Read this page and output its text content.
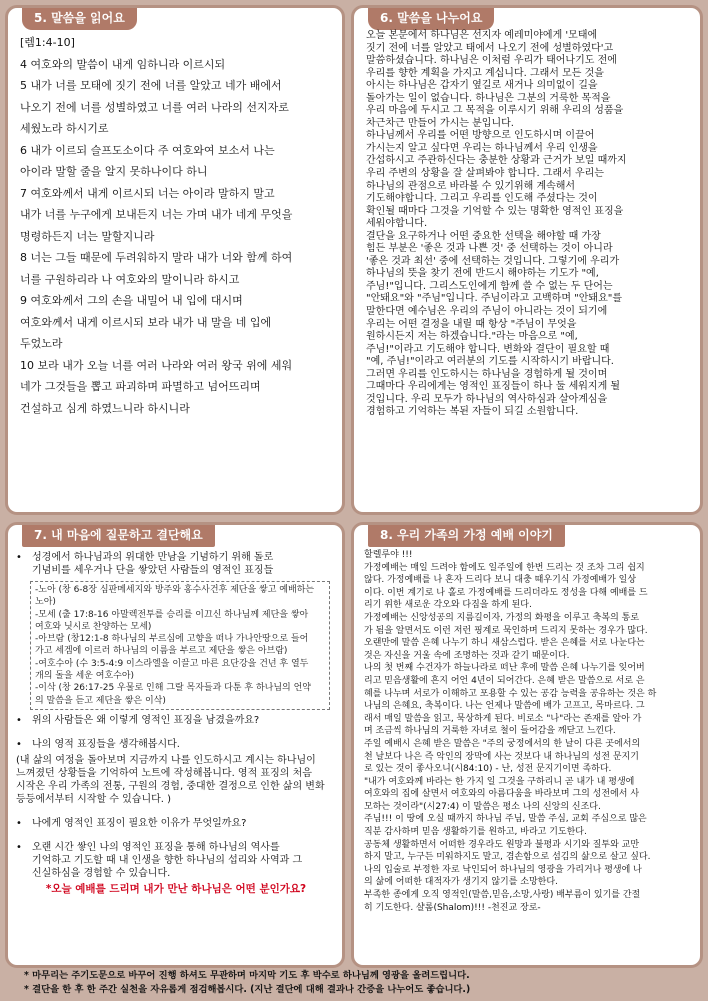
5. 말씀을 읽어요
[렘1:4-10]
4 여호와의 말씀이 내게 임하니라 이르시되
5 내가 너를 모태에 짓기 전에 너를 알았고 네가 배에서
나오기 전에 너를 성별하였고 너를 여러 나라의 선지자로
세웠노라 하시기로
6 내가 이르되 슬프도소이다 주 여호와여 보소서 나는
아이라 말할 줄을 알지 못하나이다 하니
7 여호와께서 내게 이르시되 너는 아이라 말하지 말고
내가 너를 누구에게 보내든지 너는 가며 내가 네게 무엇을
명령하든지 너는 말할지니라
8 너는 그들 때문에 두려워하지 말라 내가 너와 함께 하여
너를 구원하리라 나 여호와의 말이니라 하시고
9 여호와께서 그의 손을 내밀어 내 입에 대시며
여호와께서 내게 이르시되 보라 내가 내 말을 네 입에
두었노라
10 보라 내가 오늘 너를 여러 나라와 여러 왕국 위에 세워
네가 그것들을 뽑고 파괴하며 파멸하고 넘어뜨리며
건설하고 심게 하였느니라 하시니라
6. 말씀을 나누어요

오늘 본문에서 하나님은 선지자 예레미야에게 '모태에
짓기 전에 너를 알았고 태에서 나오기 전에 성별하였다'고
말씀하셨습니다. 하나님은 이처럼 우리가 태어나기도 전에
우리를 향한 계획을 가지고 계십니다. 그래서 모든 것을
아시는 하나님은 갑자기 옆길로 새거나 의미없이 길을
돌아가는 일이 없습니다. 하나님은 그분의 거룩한 목적을
우리 마음에 두시고 그 목적을 이루시기 위해 우리의 성품을
차근차근 만들어 가시는 분입니다.

하나님께서 우리를 어떤 방향으로 인도하시며 이끌어
가시는지 알고 싶다면 우리는 하나님께서 우리 인생을
간섭하시고 주관하신다는 충분한 상황과 근거가 보일 때까지
우리 주변의 상황을 잘 살펴봐야 합니다. 그래서 우리는
하나님의 관점으로 바라볼 수 있기위해 계속해서
기도해야합니다. 그리고 우리를 인도해 주셨다는 것이
확인될 때마다 그것을 기억할 수 있는 명확한 영적인 표징을
세워야합니다.

결단을 요구하거나 어떤 중요한 선택을 해야할 때 가장
힘든 부분은 '좋은 것과 나쁜 것' 중 선택하는 것이 아니라
'좋은 것과 최선' 중에 선택하는 것입니다. 그렇기에 우리가
하나님의 뜻을 찾기 전에 반드시 해야하는 기도가 "예,
주님!"입니다. 그리스도인에게 함께 쓸 수 없는 두 단어는
"안돼요"와 "주님"입니다. 주님이라고 고백하며 "안돼요"를
말한다면 예수님은 우리의 주님이 아니라는 것이 되기에
우리는 어떤 결정을 내릴 때 항상 "주님이 무엇을
원하시든지 저는 하겠습니다."라는 마음으로 "예,
주님!"이라고 기도해야 합니다. 변화와 결단이 필요할 때
"예, 주님!"이라고 여러분의 기도를 시작하시기 바랍니다.

그러면 우리를 인도하시는 하나님을 경험하게 될 것이며
그때마다 우리에게는 영적인 표징들이 하나 둘 세워지게 될
것입니다. 우리 모두가 하나님의 역사하심과 살아계심을
경험하고 기억하는 복된 자들이 되길 소원합니다.

7. 내 마음에 질문하고 결단해요
• 성경에서 하나님과의 위대한 만남을 기념하기 위해 돌로
기념비를 세우거나 단을 쌓았던 사람들의 영적인 표징들
-노아 (창 6-8장 심판메세지와 방주와 홍수사건후 제단을 쌓고 예배하는 노아)
-모세 (출 17:8-16 아말렉전투를 승리를 이끄신 하나님께 제단을 쌓아
여호와 닛시로 찬양하는 모세)
-아브람 (창12:1-8 하나님의 부르심에 고향을 떠나 가나안땅으로 들어
가고 세겜에 이르러 하나님의 이름을 부르고 제단을 쌓은 아브람)
-여호수아 (수 3:5-4:9 이스라엘을 이끌고 마른 요단강을 건넌 후 열두
개의 돌을 세운 여호수아)
-이삭 (창 26:17-25 우물로 인해 그랄 목자들과 다툰 후 하나님의 언약
의 말씀을 듣고 제단을 쌓은 이삭)
• 위의 사람들은 왜 이렇게 영적인 표징을 남겼을까요?
• 나의 영적 표징들을 생각해봅시다.
(내 삶의 여정을 돌아보며 지금까지 나를 인도하시고 계시는 하나님이
느껴졌던 상황들을 기억하여 노트에 작성해봅니다. 영적 표징의 처음
시작은 우리 가족의 전통, 구원의 경험, 중대한 결정으로 인한 삶의 변화
등등에서부터 시작할 수 있습니다. )
• 나에게 영적인 표징이 필요한 이유가 무엇일까요?
• 오랜 시간 쌓인 나의 영적인 표징을 통해 하나님의 역사를
기억하고 기도할 때 내 인생을 향한 하나님의 섭리와 사역과 그
신실하심을 경험할 수 있습니다.
*오늘 예배를 드리며 내가 만난 하나님은 어떤 분인가요?
8. 우리 가족의 가정 예배 이야기

할렐루야 !!!

가정예배는 매일 드려야 함에도 일주일에 한번 드리는 것 조차 그리 쉽지
않다. 가정예배를 나 혼자 드리다 보니 대충 때우기식 가정예배가 일상
이다. 이번 계기로 나 홀로 가정예배를 드리더라도 정성을 다해 예배를 드
리기 위한 새로운 각오와 다짐을 하게 된다.

가정예배는 신앙성공의 지름길이자, 가정의 화평을 이루고 축복의 통로
가 됨을 알면서도 이런 저런 핑계로 묵인하며 드리지 못하는 경우가 많다.
오랜만에 말씀 은혜 나누기 하니 새삼스럽다. 받은 은혜를 서로 나눈다는
것은 자신을 거울 속에 조명하는 것과 같기 때문이다.

나의 첫 번째 수건자가 하늘나라로 떠난 후에 말씀 은혜 나누기를 잊어버
리고 믿음생활에 흔지 어언 4년이 되어간다. 은혜 받은 말씀으로 서로 은
혜를 나누며 서로가 이해하고 포용할 수 있는 공감 능력을 공유하는 것은 하
나님의 은혜요, 축복이다. 나는 언제나 말씀에 배가 고프고, 목마르다. 그
래서 매일 말씀을 읽고, 묵상하게 된다. 비로소 "나"라는 존재를 알아 가
며 조금씩 하나님의 거룩한 자녀로 철이 들어감을 깨닫고 느낀다.

주일 예배시 은혜 받은 말씀은 "주의 궁정에서의 한 날이 다른 곳에서의
천 날보다 나은 즉 악인의 장막에 사는 것보다 내 하나님의 성전 문지기
로 있는 것이 좋사오니(시84:10) - 난, 성전 문지기이면 족하다.
"내가 여호와께 바라는 한 가지 일 그것을 구하리니 곧 내가 내 평생에
여호와의 집에 살면서 여호와의 아름다움을 바라보며 그의 성전에서 사
모하는 것이라"(시27:4) 이 말씀은 평소 나의 신앙의 신조다.

주님!!! 이 땅에 오실 때까지 하나님 주님, 말씀 주심, 교회 주심으로 많은
직분 감사하며 믿음 생활하기를 원하고, 바라고 기도한다.
공동체 생활하면서 어떠한 경우라도 원망과 불평과 시기와 질투와 교만
하지 말고, 누구든 미워하지도 말고, 겸손함으로 섬김의 삶으로 살고 싶다.
나의 입술로 부정한 자로 낙인되어 하나님의 영광을 가리거나 평생에 나
의 삶에 어떠한 대적자가 생기지 않기를 소망한다.

부족한 종에게 오직 영적인(말씀,믿음,소망,사랑) 배부름이 있기를 간절
히 기도한다. 샬롬(Shalom)!!! -천진교 장로-

* 마무리는 주기도문으로 바꾸어 진행 하셔도 무관하며 마지막 기도 후 박수로 하나님께 영광을 올려드립니다.
* 결단을 한 후 한 주간 실천을 자유롭게 점검해봅시다. (지난 결단에 대해 결과나 간증을 나누어도 좋습니다.)
